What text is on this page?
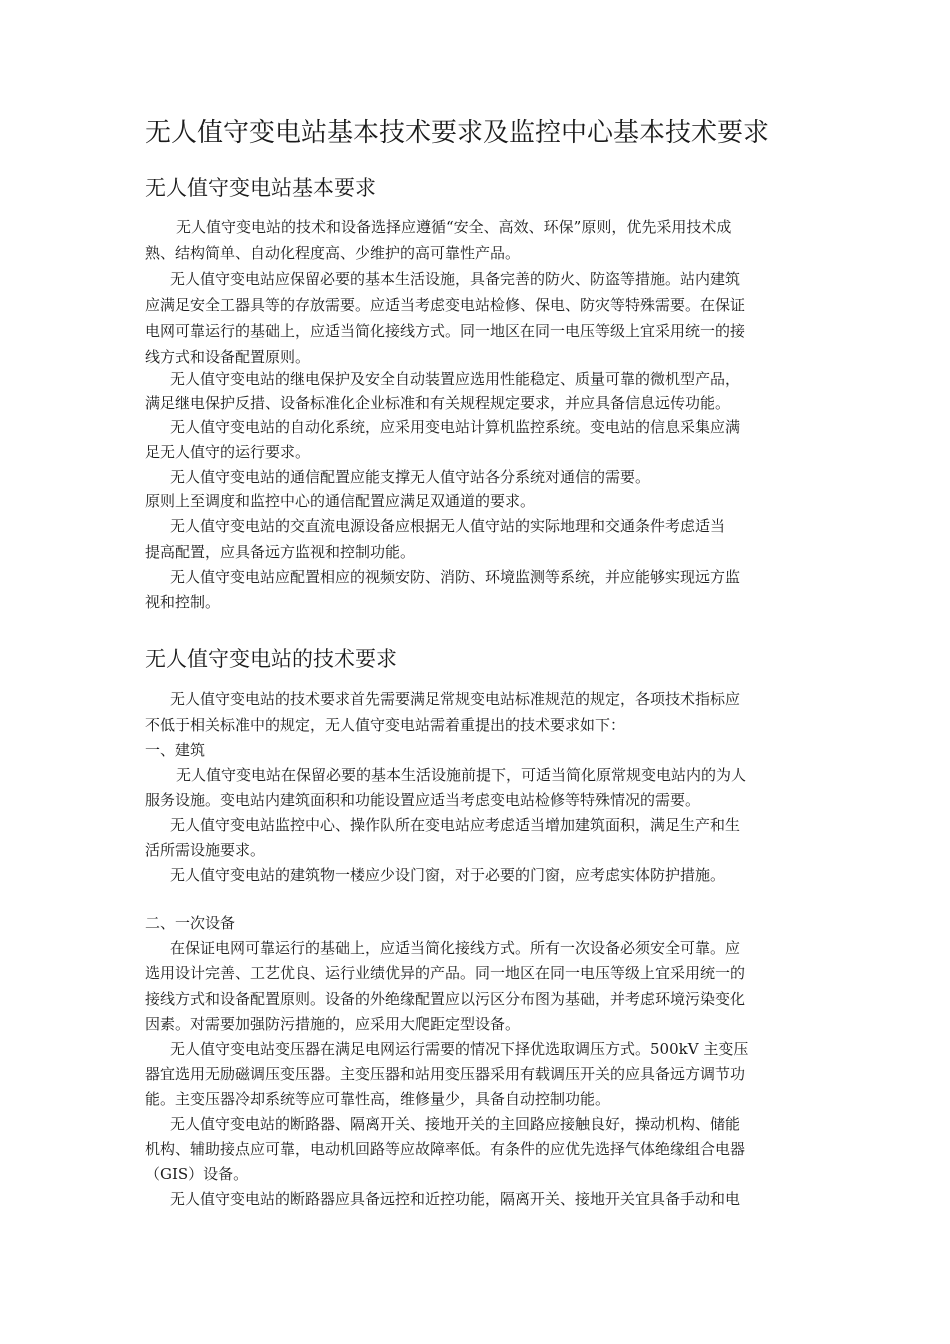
无人值守变电站基本技术要求及监控中心基本技术要求
无人值守变电站基本要求
无人值守变电站的技术和设备选择应遵循“安全、高效、环保”原则，优先采用技术成
熟、结构简单、自动化程度高、少维护的高可靠性产品。
无人值守变电站应保留必要的基本生活设施，具备完善的防火、防盗等措施。站内建筑
应满足安全工器具等的存放需要。应适当考虑变电站检修、保电、防灾等特殊需要。在保证
电网可靠运行的基础上，应适当简化接线方式。同一地区在同一电压等级上宜采用统一的接
线方式和设备配置原则。
无人值守变电站的继电保护及安全自动装置应选用性能稳定、质量可靠的微机型产品，
满足继电保护反措、设备标准化企业标准和有关规程规定要求，并应具备信息远传功能。
无人值守变电站的自动化系统，应采用变电站计算机监控系统。变电站的信息采集应满
足无人值守的运行要求。
无人值守变电站的通信配置应能支撑无人值守站各分系统对通信的需要。
原则上至调度和监控中心的通信配置应满足双通道的要求。
无人值守变电站的交直流电源设备应根据无人值守站的实际地理和交通条件考虑适当
提高配置，应具备远方监视和控制功能。
无人值守变电站应配置相应的视频安防、消防、环境监测等系统，并应能够实现远方监
视和控制。
无人值守变电站的技术要求
无人值守变电站的技术要求首先需要满足常规变电站标准规范的规定，各项技术指标应
不低于相关标准中的规定，无人值守变电站需着重提出的技术要求如下：
一、建筑
无人值守变电站在保留必要的基本生活设施前提下，可适当简化原常规变电站内的为人
服务设施。变电站内建筑面积和功能设置应适当考虑变电站检修等特殊情况的需要。
无人值守变电站监控中心、操作队所在变电站应考虑适当增加建筑面积，满足生产和生
活所需设施要求。
无人值守变电站的建筑物一楼应少设门窗，对于必要的门窗，应考虑实体防护措施。
二、一次设备
在保证电网可靠运行的基础上，应适当简化接线方式。所有一次设备必须安全可靠。应
选用设计完善、工艺优良、运行业绩优异的产品。同一地区在同一电压等级上宜采用统一的
接线方式和设备配置原则。设备的外绝缘配置应以污区分布图为基础，并考虑环境污染变化
因素。对需要加强防污措施的，应采用大爬距定型设备。
无人值守变电站变压器在满足电网运行需要的情况下择优选取调压方式。500kV 主变压
器宜选用无励磁调压变压器。主变压器和站用变压器采用有载调压开关的应具备远方调节功
能。主变压器冷却系统等应可靠性高，维修量少，具备自动控制功能。
无人值守变电站的断路器、隔离开关、接地开关的主回路应接触良好，操动机构、储能
机构、辅助接点应可靠，电动机回路等应故障率低。有条件的应优先选择气体绝缘组合电器
（GIS）设备。
无人值守变电站的断路器应具备远控和近控功能，隔离开关、接地开关宜具备手动和电
